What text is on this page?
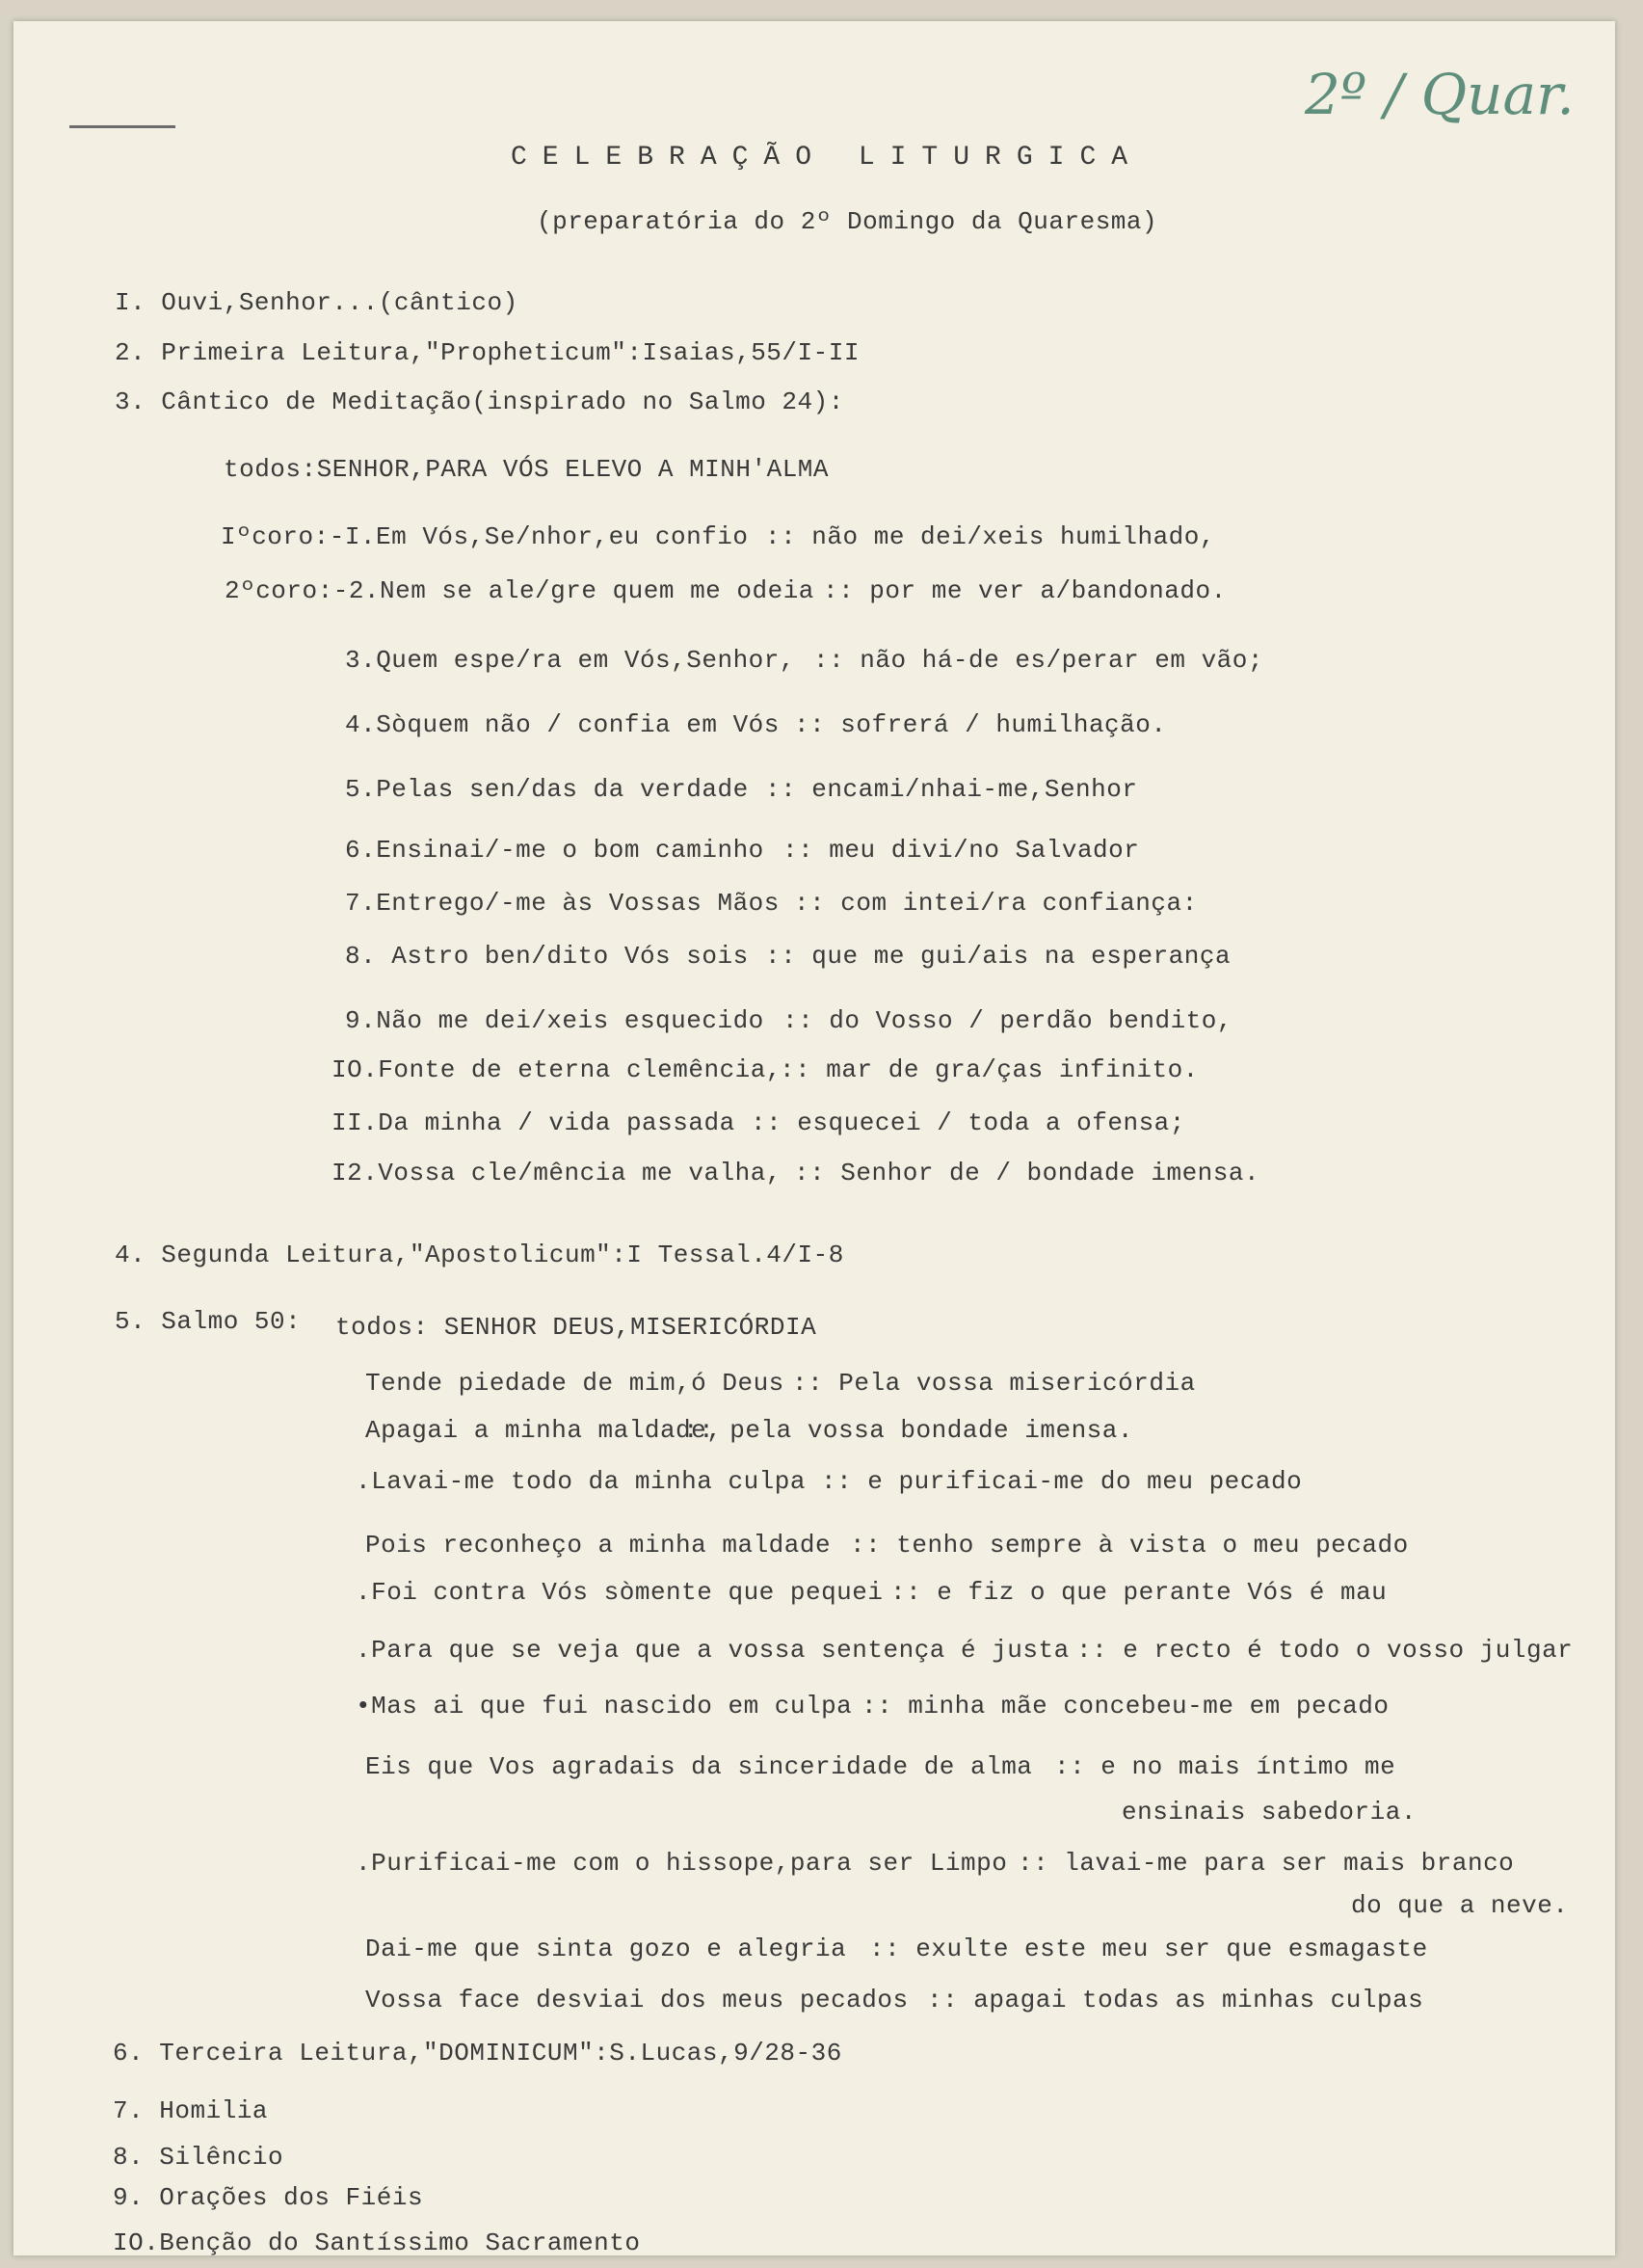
2º / Quar.
CELEBRAÇÃO LITURGICA
(preparatória do 2º Domingo da Quaresma)
I. Ouvi,Senhor...(cântico)
2. Primeira Leitura,"Propheticum":Isaias,55/I-II
3. Cântico de Meditação(inspirado no Salmo 24):
todos:SENHOR,PARA VÓS ELEVO A MINH'ALMA
Iºcoro:-I.Em Vós,Se/nhor,eu confio :: não me dei/xeis humilhado,
2ºcoro:-2.Nem se ale/gre quem me odeia :: por me ver a/bandonado.
3.Quem espe/ra em Vós,Senhor, :: não há-de es/perar em vão;
4.Sòquem não / confia em Vós :: sofrerá / humilhação.
5.Pelas sen/das da verdade :: encami/nhai-me,Senhor
6.Ensinai/-me o bom caminho :: meu divi/no Salvador
7.Entrego/-me às Vossas Mãos :: com intei/ra confiança:
8. Astro ben/dito Vós sois :: que me gui/ais na esperança
9.Não me dei/xeis esquecido :: do Vosso / perdão bendito,
IO.Fonte de eterna clemência,
:: mar de gra/ças infinito.
II.Da minha / vida passada :: esquecei / toda a ofensa;
I2.Vossa cle/mência me valha, :: Senhor de / bondade imensa.
4. Segunda Leitura,"Apostolicum":I Tessal.4/I-8
5. Salmo 50: todos: SENHOR DEUS,MISERICÓRDIA
Tende piedade de mim,ó Deus :: Pela vossa misericórdia
Apagai a minha maldade,
:: pela vossa bondade imensa.
.Lavai-me todo da minha culpa :: e purificai-me do meu pecado
Pois reconheço a minha maldade :: tenho sempre à vista o meu pecado
.Foi contra Vós sòmente que pequei :: e fiz o que perante Vós é mau
.Para que se veja que a vossa sentença é justa :: e recto é todo o vosso julgar
•Mas ai que fui nascido em culpa :: minha mãe concebeu-me em pecado
Eis que Vos agradais da sinceridade de alma :: e no mais íntimo me
ensinais sabedoria.
.Purificai-me com o hissope,para ser Limpo :: lavai-me para ser mais branco
do que a neve.
Dai-me que sinta gozo e alegria :: exulte este meu ser que esmagaste
Vossa face desviai dos meus pecados :: apagai todas as minhas culpas
6. Terceira Leitura,"DOMINICUM":S.Lucas,9/28-36
7. Homilia
8. Silêncio
9. Orações dos Fiéis
IO.Benção do Santíssimo Sacramento
